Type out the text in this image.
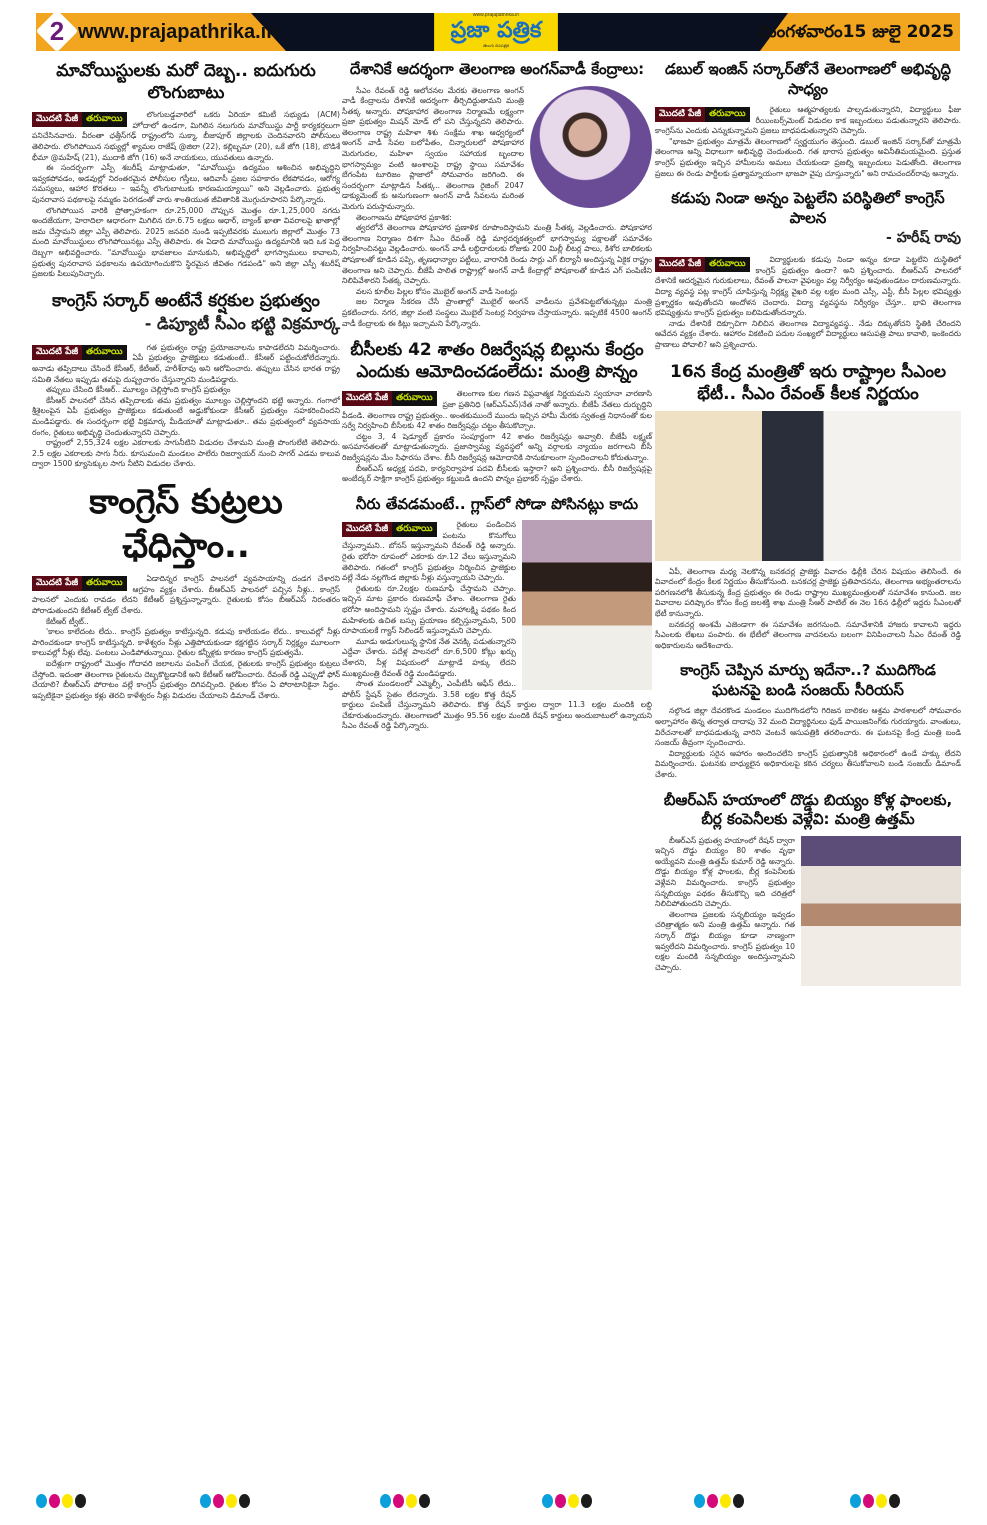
2 www.prajapathrika.in
www.prajapathrika.in
ప్రజా పత్రిక
తెలుగు దినపత్రిక
మంగళవారం15 జులై 2025
మావోయిస్టులకు మరో దెబ్బ.. ఐదుగురు లొంగుబాటు
మొదటి పేజీ తరువాయి	లొంగుబడ్డవారిలో ఒకరు ఏరియా కమిటీ సభ్యుడు (ACM) హోదాలో ఉండగా, మిగిలిన నలుగురు మావోయిస్టు పార్టీ కార్యకర్తలుగా పనిచేసినవారు. వీరంతా ఛత్తీస్‌గఢ్ రాష్ట్రంలోని సుక్మా, బీజాపూర్ జిల్లాలకు చెందినవారని పోలీసులు తెలిపారు. లొంగిపోయిన సభ్యుల్లో శ్యామల రాజేష్ @జిలా (22), కల్లిబ్బమా (20), ఒకే జోగి (18), బొడిశే భీమా @మహేష్ (21), ముదాకి జోగి (16) అనే నాయకులు, యువతులు ఉన్నారు.

ఈ సందర్భంగా ఎస్పీ శబరీష్ మాట్లాడుతూ, "మావోయిస్టు ఉద్యమం ఆశించిన అభివృద్ధిని ఇవ్వకపోవడం, అడవుల్లో నిరంతరమైన పోలీసుల గస్తీలు, ఆదివాసీ ప్రజల సహకారం లేకపోవడం, ఆరోగ్య సమస్యలు, ఆహార కొరతలు – ఇవన్నీ లొంగుబాటుకు కారణమయ్యాయి" అని వెల్లడించారు. ప్రభుత్వ పునరావాస పథకాలపై నమ్మకం పెరగడంతో వారు శాంతియుత జీవితానికి మొగ్గుచూపారని పేర్కొన్నారు.

లొంగిపోయిన వారికి ప్రోత్సాహకంగా రూ.25,000 చొప్పున మొత్తం రూ.1,25,000 నగదు అందజేయగా, హెరాదిలా ఆధారంగా మిగిలిన రూ.6.75 లక్షలు ఆధార్, బ్యాంక్ ఖాతా వివరాలపై ఖాతాల్లో జమ చేస్తామని జిల్లా ఎస్పీ తెలిపారు. 2025 జనవరి నుండి ఇప్పటివరకు ములుగు జిల్లాలో మొత్తం 73 మంది మావోయిస్టులు లొంగిపోయినట్లు ఎస్పీ తెలిపారు. ఈ ఏడాది మావోయిస్టు ఉద్యమానికి ఇది ఒక పెద్ద దెబ్బగా అభివర్ణించారు. "మావోయిస్టు భావజాలం మానుకుని, అభివృద్ధిలో భాగస్వాములు కావాలని, ప్రభుత్వ పునరావాస పథకాలను ఉపయోగించుకొని స్థిరమైన జీవితం గడపండి" అని జిల్లా ఎస్పీ శబరీష్ ప్రజలకు పిలుపునిచ్చారు.

కాంగ్రెస్ సర్కార్ అంటేనే కర్షకుల ప్రభుత్వం
- డిప్యూటీ సీఎం భట్టి విక్రమార్క
మొదటి పేజీ తరువాయి	గత ప్రభుత్వం రాష్ట్ర ప్రయోజనాలను కాపాడలేదని విమర్శించారు. ఏపీ ప్రభుత్వం ప్రాజెక్టులు కడుతుంటే.. కేసీఆర్ పట్టించుకోలేదన్నారు. అనాడు తప్పిదాలు చేసిందే కేసీఆర్, కేటీఆర్, హరీశ్‌రావు అని ఆరోపించారు. తప్పులు చేసిన భారత రాష్ట్ర సమితి నేతలు ఇప్పుడు తమపై దుష్ప్రచారం చేస్తున్నారని మండిపడ్డారు.

తప్పులు చేసింది కేసీఆర్.. మూల్యం చెల్లిస్తోంది కాంగ్రెస్ ప్రభుత్వం

కేసీఆర్ పాలనలో చేసిన తప్పిదాలకు తమ ప్రభుత్వం మూల్యం చెల్లిస్తోందని భట్టి అన్నారు. గంగాలో శ్రీశైలంపైన ఏపీ ప్రభుత్వం ప్రాజెక్టులు కడుతుంటే అడ్డుకోకుండా కేసీఆర్ ప్రభుత్వం సహకరించిందని మండిపడ్డారు. ఈ సందర్భంగా భట్టి విక్రమార్క మీడియాతో మాట్లాడుతూ.. తమ ప్రభుత్వంలో వ్యవసాయ రంగం, రైతులు అభివృద్ధి చెందుతున్నారని చెప్పారు.

రాష్ట్రంలో 2,55,324 లక్షల ఎకరాలకు సాగునీటిని విడుదల చేశామని మంత్రి పొంగులేటి తెలిపారు. 2.5 లక్షల ఎకరాలకు సాగు నీరు. కూసుమంచి మండలం పాలేరు రిజర్వాయర్ నుంచి సాగర్ ఎడమ కాలువ ద్వారా 1500 క్యూసెక్కుల సాగు నీటిని విడుదల చేశారు.

కాంగ్రెస్ కుట్రలు ఛేధిస్తాం..
మొదటి పేజీ తరువాయి	ఏడాదిన్నర కాంగ్రెస్ పాలనలో వ్యవసాయాన్ని దండగ చేశారని ఆగ్రహం వ్యక్తం చేశారు. బీఆర్ఎస్ పాలనలో పచ్చిన నీళ్లు.. కాంగ్రెస్ పాలనలో ఎందుకు రావడం లేదని కేటీఆర్ ప్రశ్నిస్తున్నాన్నారు. రైతులకు కోసం బీఆర్ఎస్ నిరంతరం పోరాడుతుందని కేటీఆర్ ట్వీట్ చేశారు.

కేటీఆర్ ట్వీట్..

'కాలం కాలేదంట లేదు.. కాంగ్రెస్ ప్రభుత్వం కాటేస్తున్నది. కడుపు కాలేయడం లేదు.. కాలువల్లో నీళ్లు పారించకుండా కాంగ్రెస్ కాటేస్తున్నది. కాళేశ్వరం నీళ్లు ఎత్తిపోయకుండా కక్షగట్టిన సర్కార్ నిర్లక్ష్యం మూలంగా కాలువల్లో నీళ్లు లేవు. పంటలు ఎండిపోతున్నాయి. రైతుల కన్నీళ్లకు కారణం కాంగ్రెస్ ప్రభుత్వమే.

ఐదేళ్లుగా రాష్ట్రంలో మొత్తం గోదావరి జలాలను పంపింగ్ చేయక, రైతులకు కాంగ్రెస్ ప్రభుత్వం కుట్రలు చేస్తోంది. ఇదంతా తెలంగాణ రైతులను దెబ్బకొట్టడానికే అని కేటీఆర్ ఆరోపించారు. రేవంత్ రెడ్డి ఎప్పుడో ఫోన్ చేయాలి? బీఆర్ఎస్ పోరాటం వల్లే కాంగ్రెస్ ప్రభుత్వం దిగివచ్చింది. రైతుల కోసం ఏ పోరాటానికైనా సిద్ధం. ఇప్పటికైనా ప్రభుత్వం కళ్లు తెరచి కాళేశ్వరం నీళ్లు విడుదల చేయాలని డిమాండ్ చేశారు.

దేశానికే ఆదర్శంగా తెలంగాణ అంగన్‌వాడీ కేంద్రాలు:

సీఎం రేవంత్ రెడ్డి ఆలోచనల మేరకు తెలంగాణ అంగన్ వాడీ కేంద్రాలను దేశానికే ఆదర్శంగా తీర్చిదిద్దుతామని మంత్రి సీతక్క అన్నారు. పోషకాహార తెలంగాణ నిర్మాణమే లక్ష్యంగా ప్రజా ప్రభుత్వం మిషన్ మోడ్ లో పని చేస్తున్నదని తెలిపారు. తెలంగాణ రాష్ట్ర మహిళా శిశు సంక్షేమ శాఖ ఆధ్వర్యంలో అంగన్ వాడీ సేవల బలోపేతం, చిన్నారులలో పోషకాహార మెరుగుదల, మహిళా స్వయం సహాయక బృందాల భాగస్వామ్యం వంటి అంశాలపై రాష్ట్ర స్థాయి సమావేశం బేగంపేట టూరిజం ప్లాజాలో సోమవారం జరిగింది. ఈ సందర్భంగా మాట్లాడిన సీతక్క.. తెలంగాణ రైజింగ్ 2047 డాక్యుమెంట్ కు అనుగుణంగా అంగన్ వాడీ సేవలను మరింత మెరుగు పరుస్తామన్నారు.

తెలంగాణను పోషకాహార ప్రకాశిక:

త్వరలోనే తెలంగాణ పోషకాహార ప్రణాళిక రూపొందిస్తామని మంత్రి సీతక్క వెల్లడించారు. పోషకాహార తెలంగాణ నిర్మాణం దిశగా సీఎం రేవంత్ రెడ్డి మార్గదర్శకత్వంలో భాగస్వామ్య పక్షాలతో సమావేశం నిర్వహించినట్టు వెల్లడించారు. అంగన్ వాడీ లబ్ధిదారులకు రోజుకు 200 మిల్లీ లీటర్ల పాలు, కిశోర బాలికలకు పోషకాలతో కూడిన పప్పి, తృణధాన్యాల పట్టీలు, వారానికి రెండు సార్లు ఎగ్ బిర్యానీ అందిస్తున్న ఏకైక రాష్ట్రం తెలంగాణ అని చెప్పారు. బీజేపీ పాలిత రాష్ట్రాల్లో అంగన్ వాడీ కేంద్రాల్లో పోషకాలతో కూడిన ఎగ్ పంపిణీని నిలిపివేశారని సీతక్క చెప్పారు.

వలస కూలీల పిల్లల కోసం మొబైల్ అంగన్ వాడీ సెంటర్లు

జల నిర్మాణ సేకరణ చేసే ప్రాంతాల్లో మొబైల్ అంగన్ వాడీలను ప్రవేశపెట్టబోతున్నట్లు మంత్రి ప్రకటించారు. నగర, జిల్లా వంటి సంస్థలు మొబైల్ సెంటర్ల నిర్వహణ చేస్తాయన్నారు. ఇప్పటికే 4500 అంగన్ వాడీ కేంద్రాలకు ఈ కిట్లు ఇచ్చామని పేర్కొన్నారు.

బీసీలకు 42 శాతం రిజర్వేషన్ల బిల్లును కేంద్రం ఎందుకు ఆమోదించడంలేదు: మంత్రి పొన్నం
మొదటి పేజీ తరువాయి	తెలంగాణ కుల గణన విప్లవాత్మక నిర్ణయమని స్వయానా వారణాసి ప్రజా ప్రతినిధి (ఆర్ఎస్ఎస్)నేత నాతో అన్నారు. బీజేపీ నేతలు దుర్బుద్ధిని వీడండి. తెలంగాణ రాష్ట్ర ప్రభుత్వం.. అంతకుముందే ముందు ఇచ్చిన హామీ మేరకు స్వతంత్ర నిధానంతో కుల సర్వే నిర్వహించి బీసీలకు 42 శాతం రిజర్వేషన్లు చట్టం తీసుకొచ్చాం.

చట్టం 3, 4 షెడ్యూల్ ప్రకారం సంపూర్ణంగా 42 శాతం రిజర్వేషన్లు అవ్వాలి. బీజేపీ లక్ష్మణ్ అసమానతలతో మాట్లాడుతున్నారు. ప్రజాస్వామ్య వ్యవస్థలో అన్ని వర్గాలకు న్యాయం జరగాలని బీసీ రిజర్వేషన్లను మేం సిఫారసు చేశాం. బీసీ రిజర్వేషన్ల ఆమోదానికి సానుకూలంగా స్పందించాలని కోరుతున్నాం.

బీఆర్ఎస్ అధ్యక్ష పదవి, కార్యనిర్వాహక పదవి బీసీలకు ఇస్తారా? అని ప్రశ్నించారు. బీసీ రిజర్వేషన్లపై అంబేద్కర్ సాక్షిగా కాంగ్రెస్ ప్రభుత్వం కట్టుబడి ఉందని పొన్నం ప్రభాకర్ స్పష్టం చేశారు.

నీరు తేవడమంటే.. గ్లాస్‌లో సోడా పోసినట్లు కాదు
మొదటి పేజీ తరువాయి	రైతులు పండించిన పంటను కొనుగోలు చేస్తున్నామని.. బోనస్ ఇస్తున్నామని రేవంత్ రెడ్డి అన్నారు. రైతు భరోసా రూపంలో ఎకరాకు రూ.12 వేలు ఇస్తున్నామని తెలిపారు. గతంలో కాంగ్రెస్ ప్రభుత్వం నిర్మించిన ప్రాజెక్టుల వల్లే నేడు నల్లగొండ జిల్లాకు నీళ్లు వస్తున్నాయని చెప్పారు.

రైతులకు రూ.2లక్షల రుణమాఫీ చేస్తామని చెప్పాం. ఇచ్చిన మాట ప్రకారం రుణమాఫీ చేశాం. తెలంగాణ రైతు భరోసా అందిస్తామని స్పష్టం చేశారు. మహాలక్ష్మి పథకం కింద మహిళలకు ఉచిత బస్సు ప్రయాణం కల్పిస్తున్నామని, 500 రూపాయలకే గ్యాస్ సిలిండర్ ఇస్తున్నామని చెప్పారు.

మూడు అడుగులున్న స్థానిక నేత వెనక్కి పడుతున్నారని ఎద్దేవా చేశారు. పదేళ్ల పాలనలో రూ.6,500 కోట్లు ఖర్చు చేశారని, నీళ్ల విషయంలో మాట్లాడే హక్కు లేదని ముఖ్యమంత్రి రేవంత్ రెడ్డి మండిపడ్డారు.

సొంత మండలంలో ఎమ్మెల్సీ, ఎంపీటీసీ ఆఫీస్‌ లేదు.. పోలీస్ స్టేషన్ సైతం లేదన్నారు. 3.58 లక్షల కొత్త రేషన్ కార్డులు పంపిణీ చేస్తున్నామని తెలిపారు. కొత్త రేషన్ కార్డుల ద్వారా 11.3 లక్షల మందికి లబ్ధి చేకూరుతుందన్నారు. తెలంగాణలో మొత్తం 95.56 లక్షల మందికి రేషన్ కార్డులు అందుబాటులో ఉన్నాయని సీఎం రేవంత్ రెడ్డి పేర్కొన్నారు.

డబుల్ ఇంజిన్ సర్కార్‌తోనే తెలంగాణలో అభివృద్ధి సాధ్యం
మొదటి పేజీ తరువాయి	రైతులు ఆత్మహత్యలకు పాల్పడుతున్నారని, విద్యార్థులు ఫీజు రీయింబర్స్‌మెంట్ విడుదల కాక ఇబ్బందులు పడుతున్నారని తెలిపారు. కాంగ్రెస్‌ను ఎందుకు ఎన్నుకున్నామని ప్రజలు బాధపడుతున్నారని చెప్పారు.

"భాజపా ప్రభుత్వం మాత్రమే తెలంగాణలో స్వర్ణయుగం తెస్తుంది. డబుల్ ఇంజిన్ సర్కార్‌తో మాత్రమే తెలంగాణ అన్ని విధాలుగా అభివృద్ధి చెందుతుంది. గత భారాస ప్రభుత్వం అవినీతిమయమైంది. ప్రస్తుత కాంగ్రెస్ ప్రభుత్వం ఇచ్చిన హామీలను అమలు చేయకుండా ప్రజల్ని ఇబ్బందులు పెడుతోంది. తెలంగాణ ప్రజలు ఈ రెండు పార్టీలకు ప్రత్యామ్నాయంగా భాజపా వైపు చూస్తున్నారు" అని రామచందర్‌రావు అన్నారు.

కడుపు నిండా అన్నం పెట్టలేని పరిస్థితిలో కాంగ్రెస్ పాలన
- హరీష్ రావు
మొదటి పేజీ తరువాయి	విద్యార్థులకు కడుపు నిండా అన్నం కూడా పెట్టలేని దుస్థితిలో కాంగ్రెస్ ప్రభుత్వం ఉందా? అని ప్రశ్నించారు. బీఆర్ఎస్ పాలనలో దేశానికే ఆదర్శమైన గురుకులాలు, రేవంత్ పాలనా వైఫల్యం వల్ల నిర్వీర్యం అవుతుండటం దారుణమన్నారు. విద్యా వ్యవస్థ పట్ల కాంగ్రెస్ చూపిస్తున్న నిర్లక్ష్య వైఖరి వల్ల లక్షల మంది ఎస్సీ, ఎస్టీ, బీసీ పిల్లల భవిష్యత్తు ప్రశ్నార్థకం అవుతోందని ఆందోళన చెందారు. విద్యా వ్యవస్థను నిర్వీర్యం చేస్తూ.. భావి తెలంగాణ భవిష్యత్తును కాంగ్రెస్ ప్రభుత్వం బలిపెడుతోందన్నారు.

నాడు దేశానికే దిక్సూచిగా నిలిచిన తెలంగాణ విద్యావ్యవస్థ.. నేడు దిక్కుతోచని స్థితికి చేరిందని ఆవేదన వ్యక్తం చేశారు. ఆహారం వికటించి పదుల సంఖ్యలో విద్యార్థులు ఆసుపత్రి పాలు కావాలి, ఇంకెందరు ప్రాణాలు పోవాలి? అని ప్రశ్నించారు.

16న కేంద్ర మంత్రితో ఇరు రాష్ట్రాల సీఎంల భేటీ.. సీఎం రేవంత్ కీలక నిర్ణయం

ఏపీ, తెలంగాణ మధ్య నెలకొన్న బనకచర్ల ప్రాజెక్టు వివాదం ఢిల్లీకి చేరిన విషయం తెలిసిందే. ఈ వివాదంలో కేంద్రం కీలక నిర్ణయం తీసుకోనుంది. బనకచర్ల ప్రాజెక్టు ప్రతిపాదనను, తెలంగాణ అభ్యంతరాలను పరిగణనలోకి తీసుకున్న కేంద్ర ప్రభుత్వం ఈ రెండు రాష్ట్రాల ముఖ్యమంత్రులతో సమావేశం కానుంది. జల వివాదాల పరిష్కారం కోసం కేంద్ర జలశక్తి శాఖ మంత్రి సీఆర్ పాటిల్ ఈ నెల 16న ఢిల్లీలో ఇద్దరు సీఎంలతో భేటీ కానున్నారు.

బనకచర్ల అంశమే ఎజెండాగా ఈ సమావేశం జరగనుంది. సమావేశానికి హాజరు కావాలని ఇద్దరు సీఎంలకు లేఖలు పంపారు. ఈ భేటీలో తెలంగాణ వాదనలను బలంగా వినిపించాలని సీఎం రేవంత్ రెడ్డి అధికారులను ఆదేశించారు.

కాంగ్రెస్ చెప్పిన మార్పు ఇదేనా..? ముదిగొండ ఘటనపై బండి సంజయ్ సీరియస్

నల్గొండ జిల్లా దేవరకొండ మండలం ముదిగొండలోని గిరిజన బాలికల ఆశ్రమ పాఠశాలలో సోమవారం అల్పాహారం తిన్న తర్వాత దాదాపు 32 మంది విద్యార్థినులు ఫుడ్ పాయిజనింగ్‌కు గురయ్యారు. వాంతులు, విరేచనాలతో బాధపడుతున్న వారిని వెంటనే ఆసుపత్రికి తరలించారు. ఈ ఘటనపై కేంద్ర మంత్రి బండి సంజయ్ తీవ్రంగా స్పందించారు.

విద్యార్థులకు సరైన ఆహారం అందించలేని కాంగ్రెస్ ప్రభుత్వానికి అధికారంలో ఉండే హక్కు లేదని విమర్శించారు. ఘటనకు బాధ్యులైన అధికారులపై కఠిన చర్యలు తీసుకోవాలని బండి సంజయ్ డిమాండ్ చేశారు.

బీఆర్ఎస్ హయాంలో దొడ్డు బియ్యం కోళ్ల ఫాంలకు, బీర్ల కంపెనీలకు వెళ్లేవి: మంత్రి ఉత్తమ్

బీఆర్ఎస్ ప్రభుత్వ హయాంలో రేషన్ ద్వారా ఇచ్చిన దొడ్డు బియ్యం 80 శాతం వృథా అయ్యేవని మంత్రి ఉత్తమ్ కుమార్ రెడ్డి అన్నారు. దొడ్డు బియ్యం కోళ్ల ఫాంలకు, బీర్ల కంపెనీలకు వెళ్లేవని విమర్శించారు. కాంగ్రెస్ ప్రభుత్వం సన్నబియ్యం పథకం తీసుకొచ్చి ఇది చరిత్రలో నిలిచిపోతుందని చెప్పారు.

తెలంగాణ ప్రజలకు సన్నబియ్యం ఇవ్వడం చరిత్రాత్మకం అని మంత్రి ఉత్తమ్ అన్నారు. గత సర్కార్ దొడ్డు బియ్యం కూడా నాణ్యంగా ఇవ్వలేదని విమర్శించారు. కాంగ్రెస్ ప్రభుత్వం 10 లక్షల మందికి సన్నబియ్యం అందిస్తున్నామని చెప్పారు.
